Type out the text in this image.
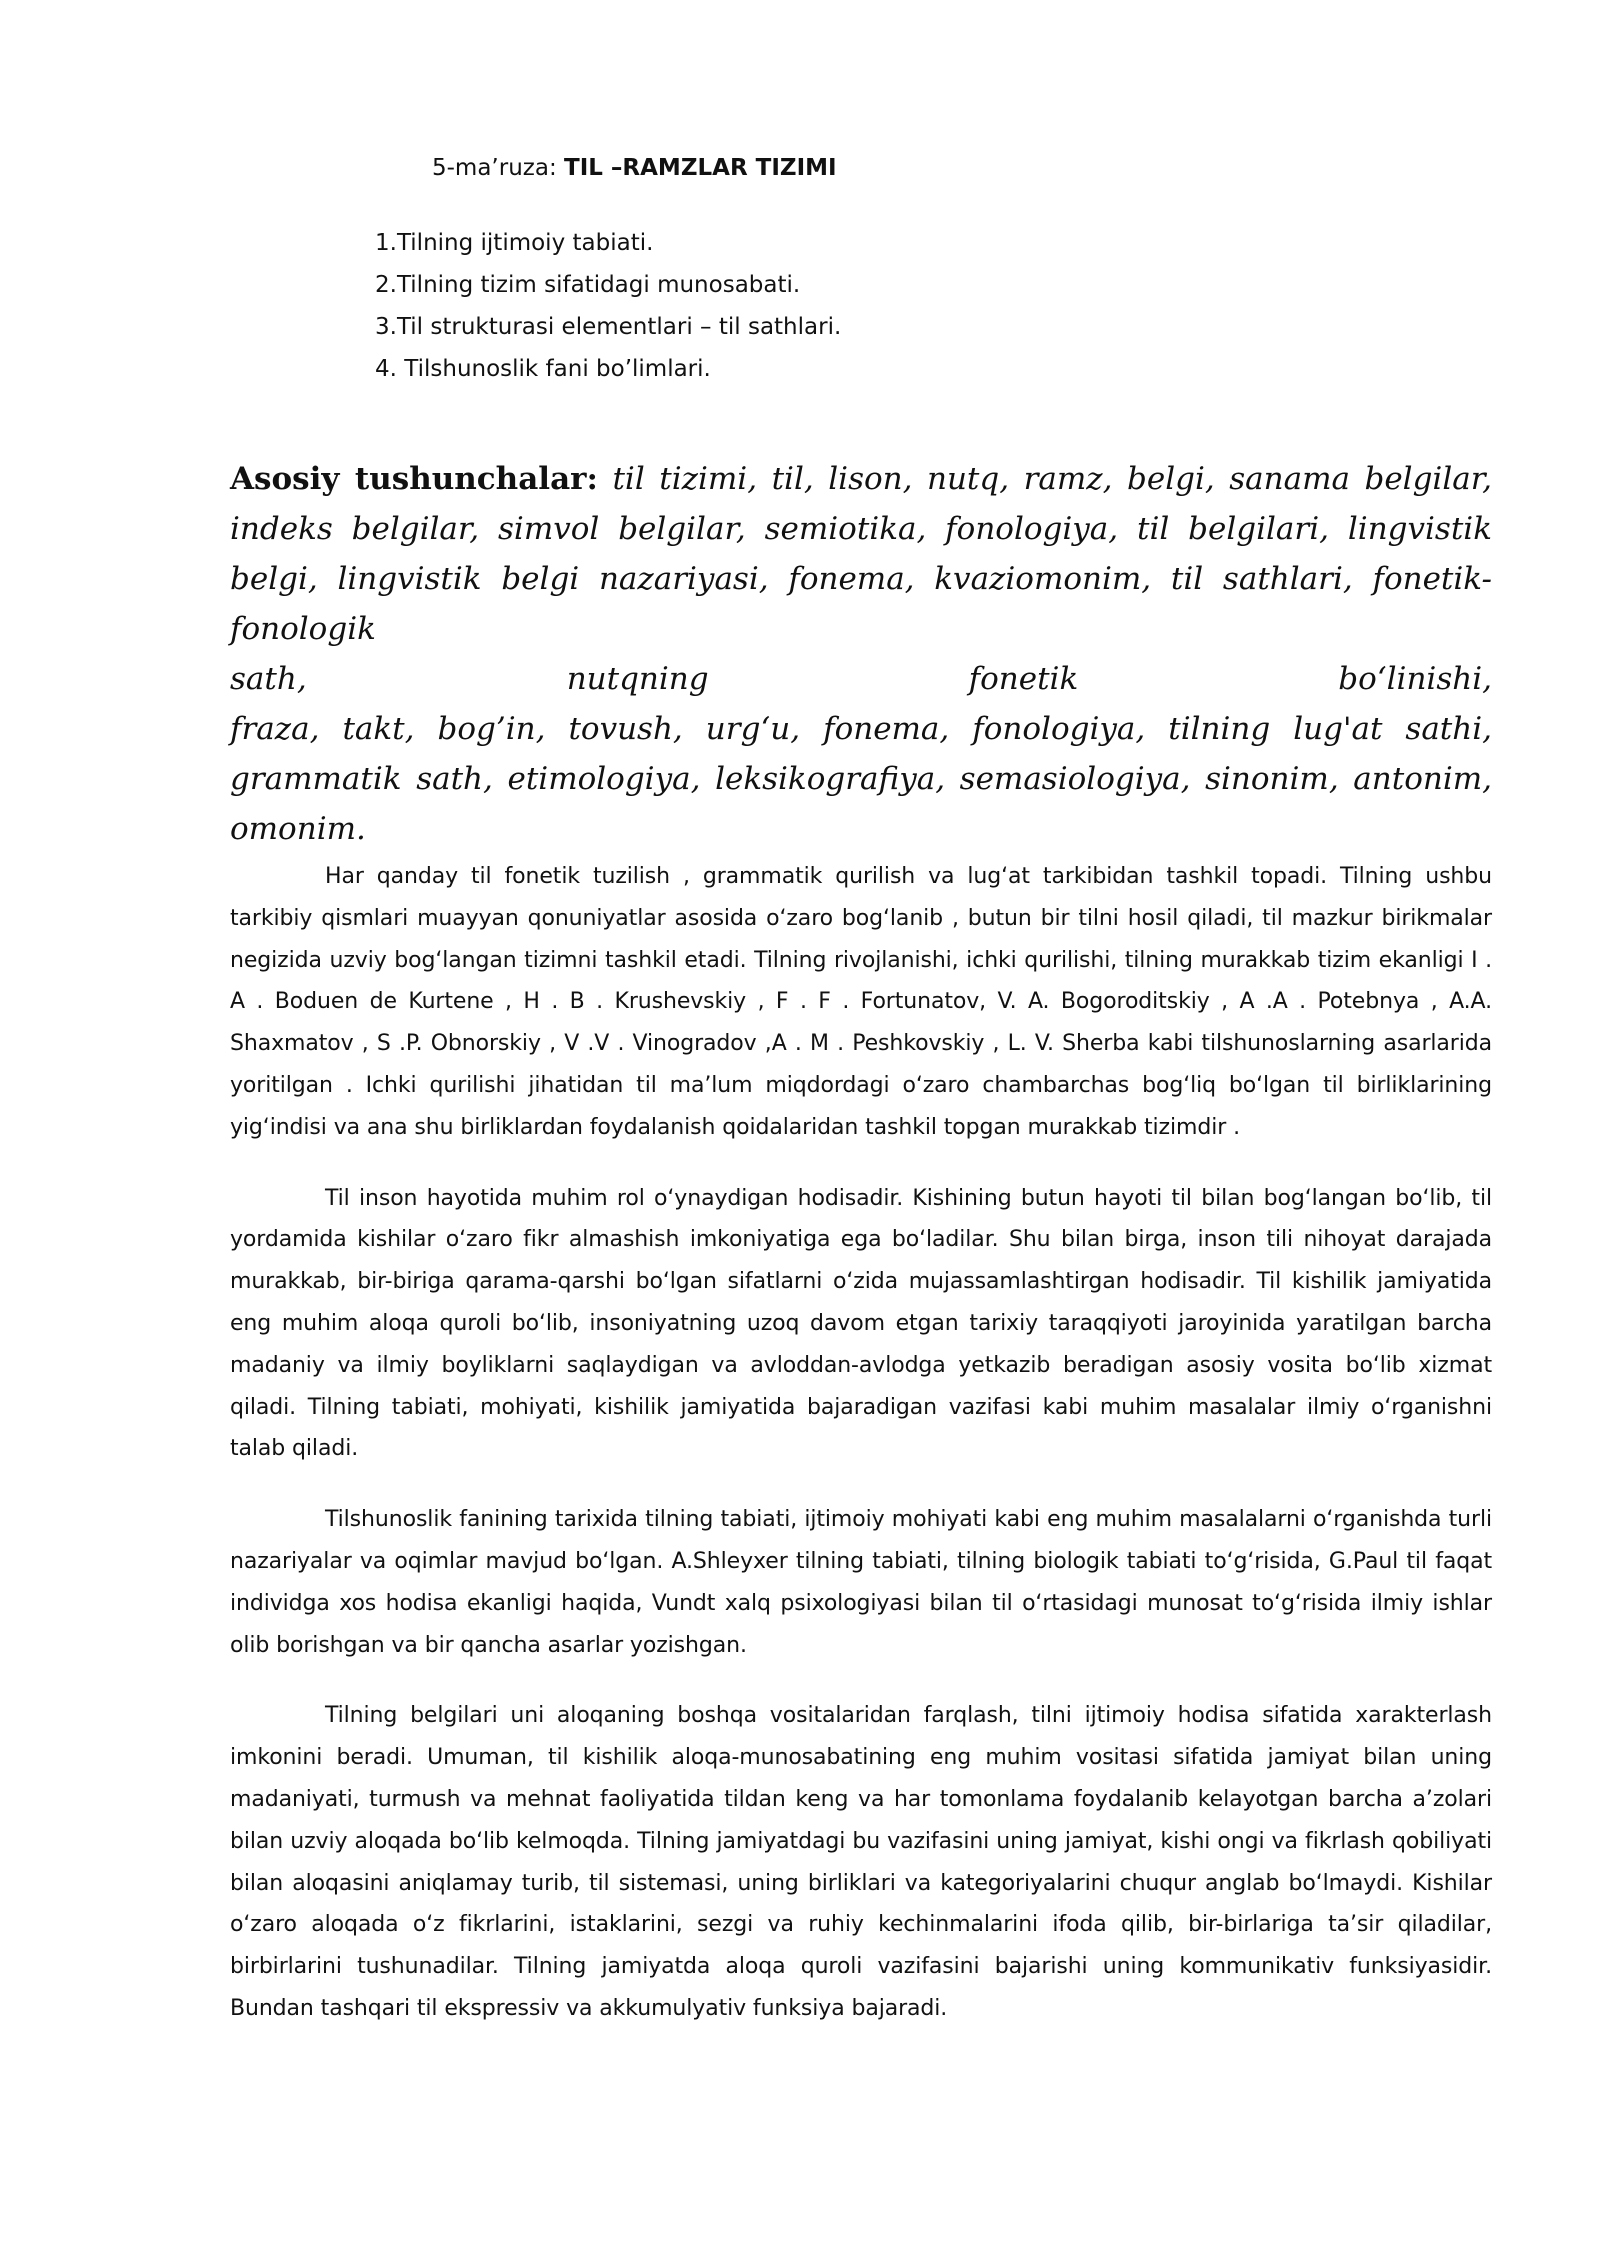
5-ma’ruza: TIL –RAMZLAR TIZIMI
1.Tilning ijtimoiy tabiati.
2.Tilning tizim sifatidagi munosabati.
3.Til strukturasi elementlari – til sathlari.
4. Tilshunoslik fani bo’limlari.
Asosiy tushunchalar: til tizimi, til, lison, nutq, ramz, belgi, sanama belgilar, indeks belgilar, simvol belgilar, semiotika, fonologiya, til belgilari, lingvistik belgi, lingvistik belgi nazariyasi, fonema, kvaziomonim, til sathlari, fonetik-fonologik
sath,	nutqning	fonetik	bo‘linishi,
fraza, takt, bog’in, tovush, urg‘u, fonema, fonologiya, tilning lug'at sathi, grammatik sath, etimologiya, leksikografiya, semasiologiya, sinonim, antonim, omonim.

Har qanday til fonetik tuzilish , grammatik qurilish va lug‘at tarkibidan tashkil topadi. Tilning ushbu tarkibiy qismlari muayyan qonuniyatlar asosida o‘zaro bog‘lanib , butun bir tilni hosil qiladi, til mazkur birikmalar negizida uzviy bog‘langan tizimni tashkil etadi. Tilning rivojlanishi, ichki qurilishi, tilning murakkab tizim ekanligi I . A . Boduen de Kurtene , H . B . Krushevskiy , F . F . Fortunatov, V. A. Bogoroditskiy , A .A . Potebnya , A.A. Shaxmatov , S .P. Obnorskiy , V .V . Vinogradov ,A . M . Peshkovskiy , L. V. Sherba kabi tilshunoslarning asarlarida yoritilgan . Ichki qurilishi jihatidan til ma’lum miqdordagi o‘zaro chambarchas bog‘liq bo‘lgan til birliklarining yig‘indisi va ana shu birliklardan foydalanish qoidalaridan tashkil topgan murakkab tizimdir .

Til inson hayotida muhim rol o‘ynaydigan hodisadir. Kishining butun hayoti til bilan bog‘langan bo‘lib, til yordamida kishilar o‘zaro fikr almashish imkoniyatiga ega bo‘ladilar. Shu bilan birga, inson tili nihoyat darajada murakkab, bir-biriga qarama-qarshi bo‘lgan sifatlarni o‘zida mujassamlashtirgan hodisadir. Til kishilik jamiyatida eng muhim aloqa quroli bo‘lib, insoniyatning uzoq davom etgan tarixiy taraqqiyoti jaroyinida yaratilgan barcha madaniy va ilmiy boyliklarni saqlaydigan va avloddan-avlodga yetkazib beradigan asosiy vosita bo‘lib xizmat qiladi. Tilning tabiati, mohiyati, kishilik jamiyatida bajaradigan vazifasi kabi muhim masalalar ilmiy o‘rganishni talab qiladi.

Tilshunoslik fanining tarixida tilning tabiati, ijtimoiy mohiyati kabi eng muhim masalalarni o‘rganishda turli nazariyalar va oqimlar mavjud bo‘lgan. A.Shleyxer tilning tabiati, tilning biologik tabiati to‘g‘risida, G.Paul til faqat individga xos hodisa ekanligi haqida, Vundt xalq psixologiyasi bilan til o‘rtasidagi munosat to‘g‘risida ilmiy ishlar olib borishgan va bir qancha asarlar yozishgan.

Tilning belgilari uni aloqaning boshqa vositalaridan farqlash, tilni ijtimoiy hodisa sifatida xarakterlash imkonini beradi. Umuman, til kishilik aloqa-munosabatining eng muhim vositasi sifatida jamiyat bilan uning madaniyati, turmush va mehnat faoliyatida tildan keng va har tomonlama foydalanib kelayotgan barcha a’zolari bilan uzviy aloqada bo‘lib kelmoqda. Tilning jamiyatdagi bu vazifasini uning jamiyat, kishi ongi va fikrlash qobiliyati bilan aloqasini aniqlamay turib, til sistemasi, uning birliklari va kategoriyalarini chuqur anglab bo‘lmaydi. Kishilar o‘zaro aloqada o‘z fikrlarini, istaklarini, sezgi va ruhiy kechinmalarini ifoda qilib, bir-birlariga ta’sir qiladilar, birbirlarini tushunadilar. Tilning jamiyatda aloqa quroli vazifasini bajarishi uning kommunikativ funksiyasidir. Bundan tashqari til ekspressiv va akkumulyativ funksiya bajaradi.
